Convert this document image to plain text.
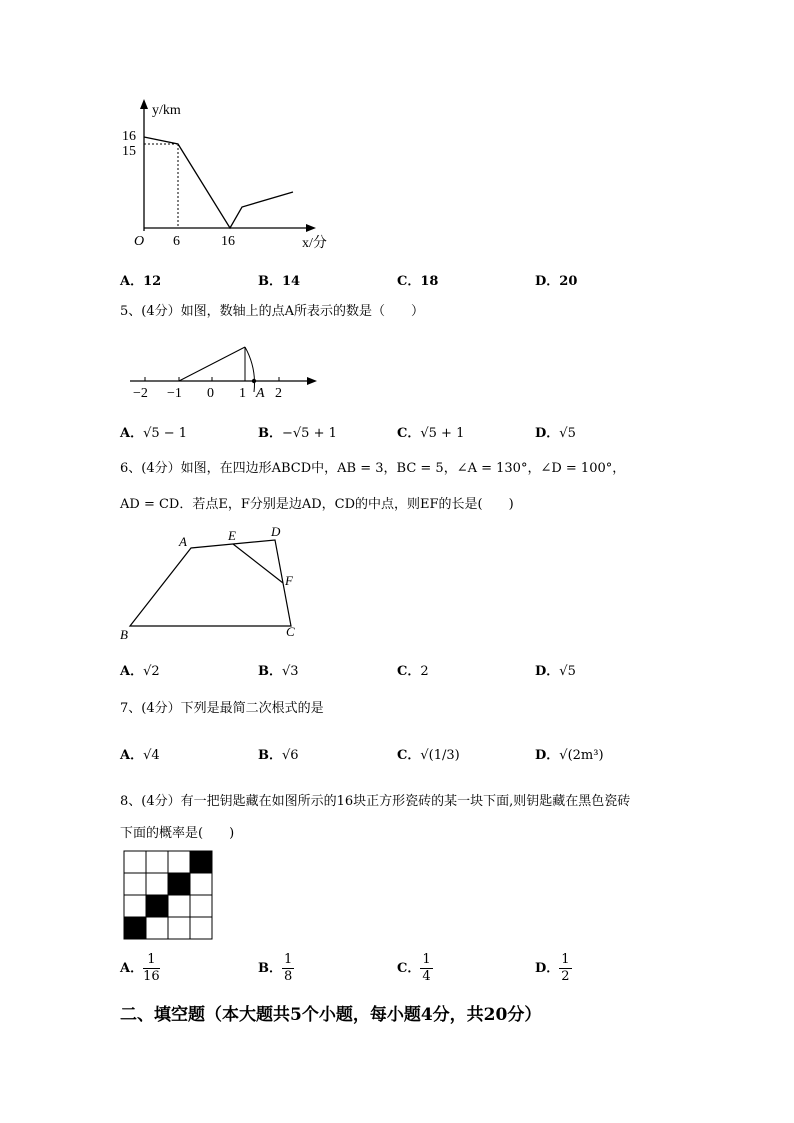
y/km
16
15
O 6	16	x/分
A．12	B．14	C．18	D．20
5、(4分）如图，数轴上的点A所表示的数是（　　）
−2 −1 0 1 2
A
A．√5 − 1	B．−√5 + 1	C．√5 + 1	D．√5
6、(4分）如图，在四边形ABCD中，AB = 3，BC = 5，∠A = 130°，∠D = 100°，
AD = CD．若点E，F分别是边AD，CD的中点，则EF的长是(　　)
A	E	D
F
B	C
A．√2	B．√3	C．2	D．√5
7、(4分）下列是最简二次根式的是
A．√4	B．√6	C．√(1/3)	D．√(2m³)
8、(4分）有一把钥匙藏在如图所示的16块正方形瓷砖的某一块下面,则钥匙藏在黑色瓷砖
下面的概率是(　　)
A． $\frac{1}{16}$	B． $\frac{1}{8}$	C． $\frac{1}{4}$	D． $\frac{1}{2}$
二、填空题（本大题共5个小题，每小题4分，共20分）
